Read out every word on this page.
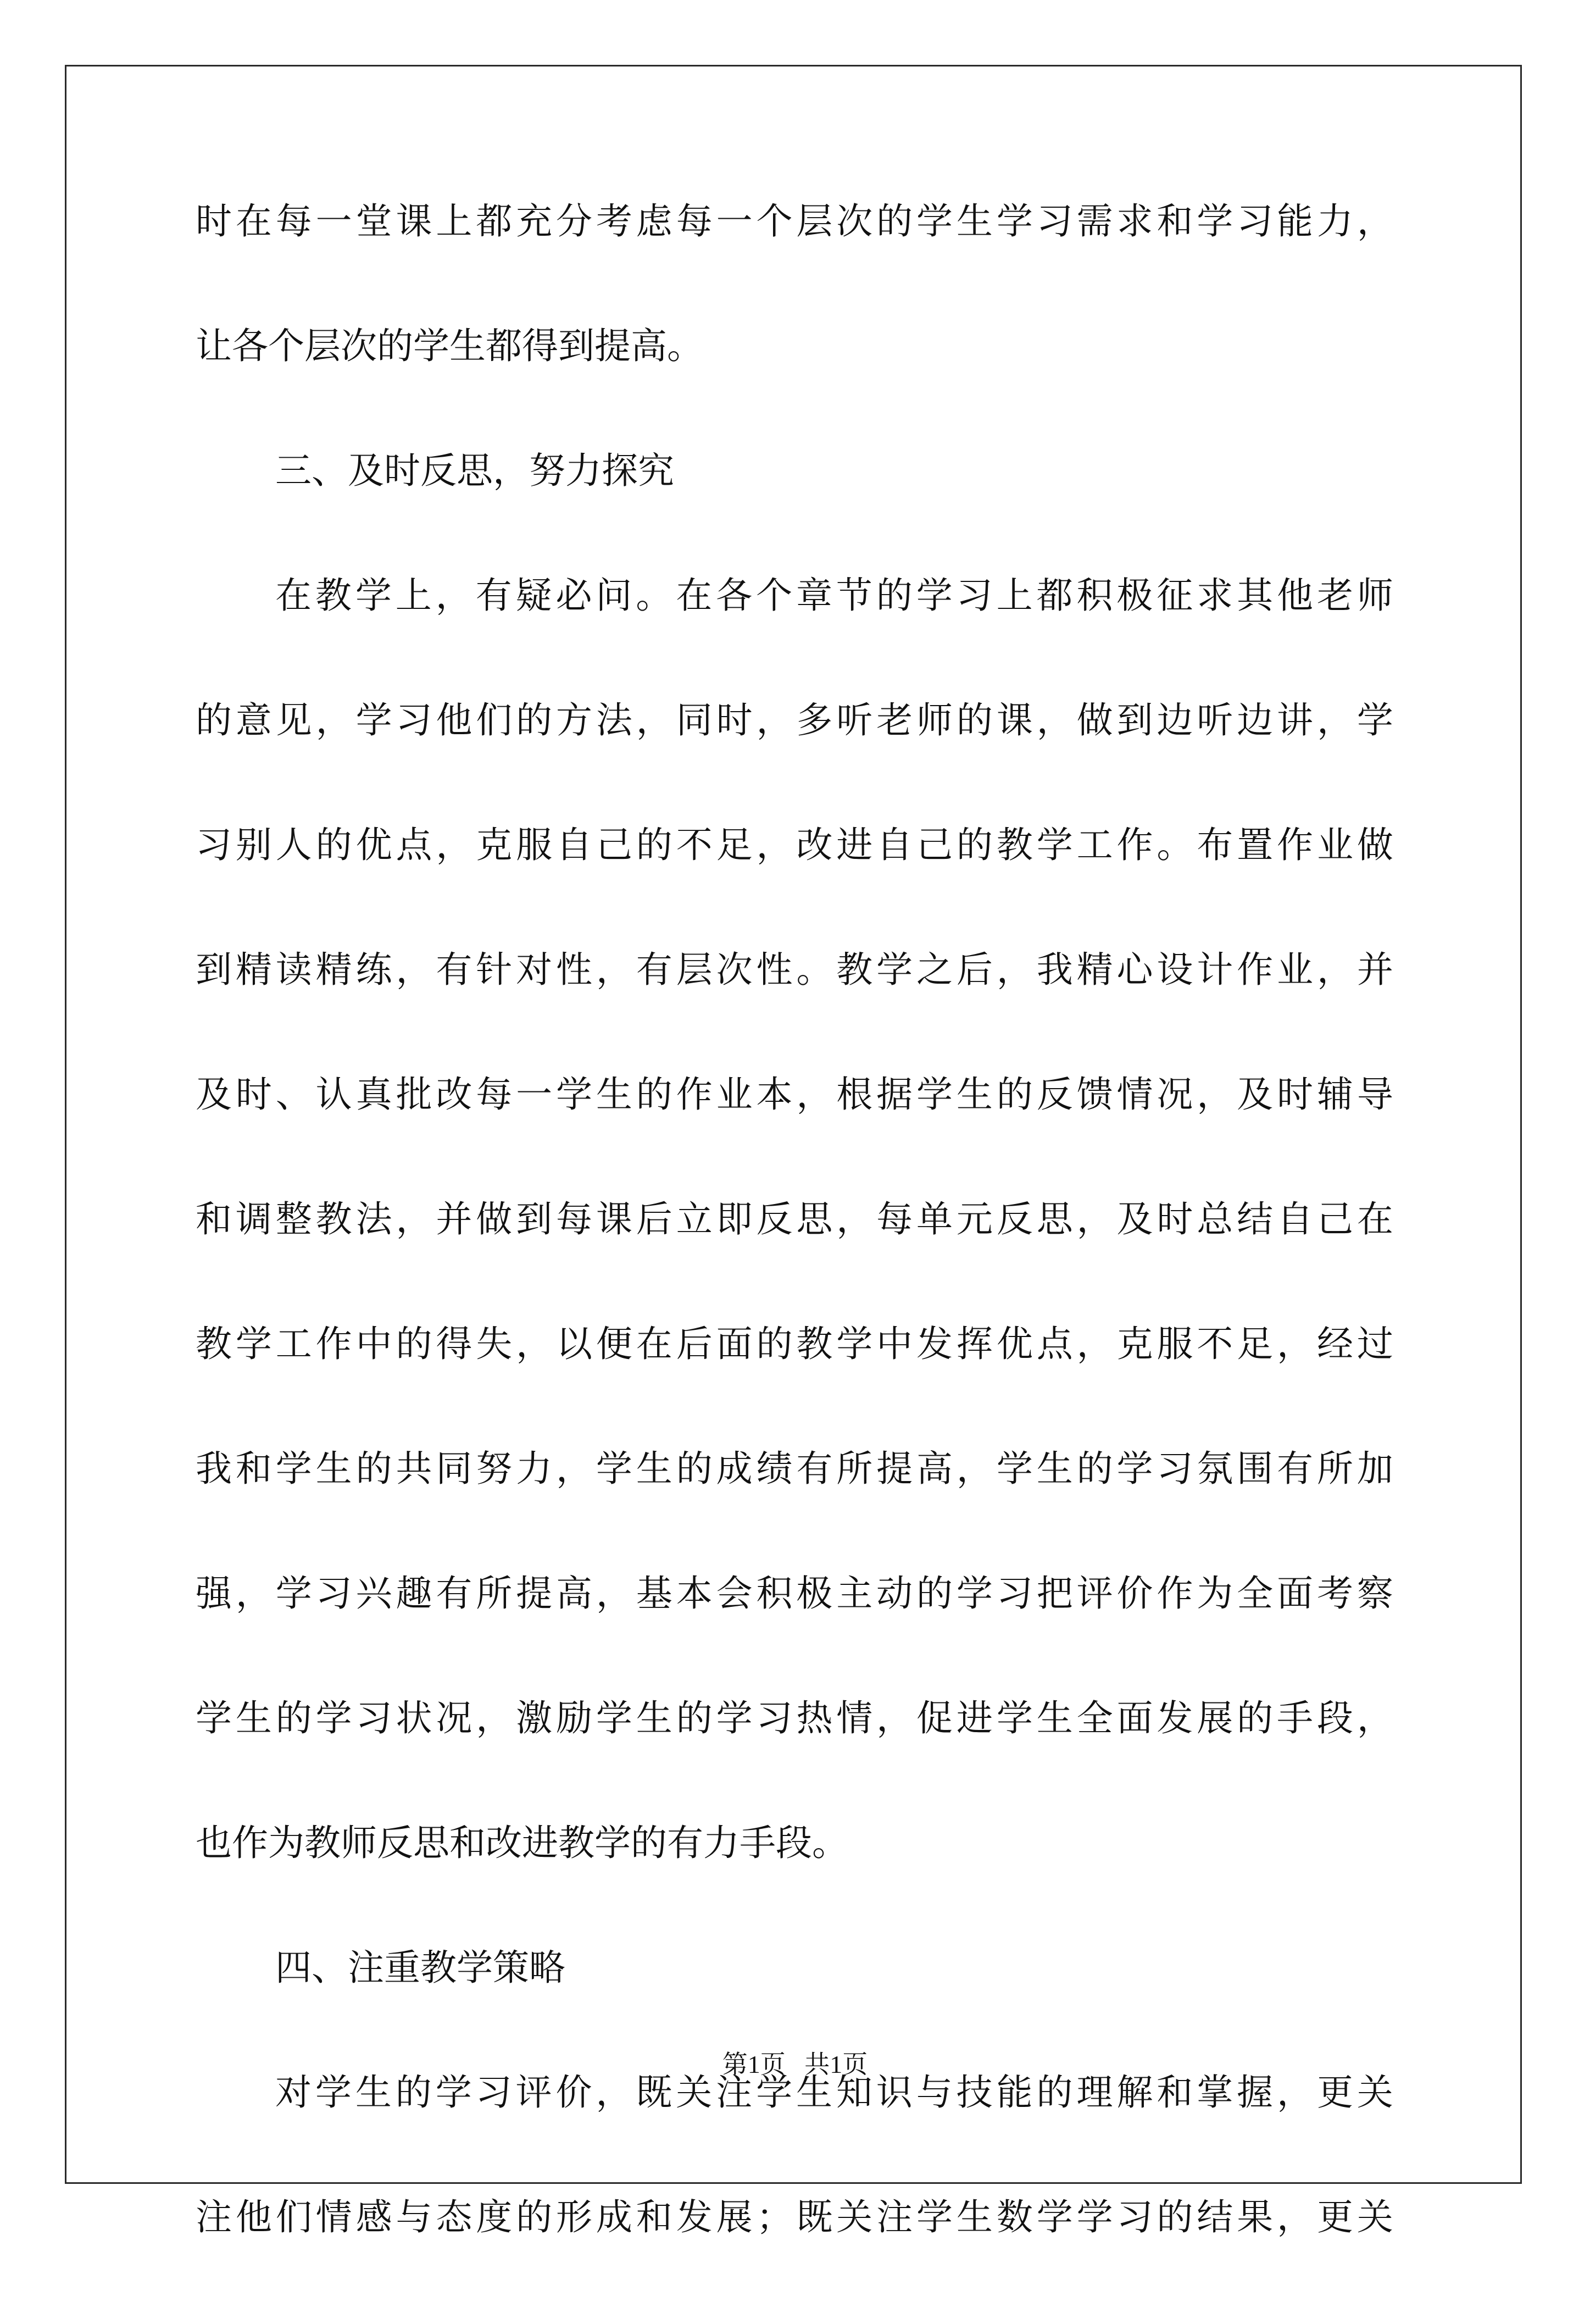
时 在 每 一 堂 课 上 都 充 分 考 虑 每 一 个 层 次 的 学 生 学 习 需 求 和 学 习 能 力 ，
让各个层次的学生都得到提高。
三、及时反思，努力探究
在 教 学 上 ， 有 疑 必 问 。 在 各 个 章 节 的 学 习 上 都 积 极 征 求 其 他 老 师
的 意 见 ， 学 习 他 们 的 方 法 ， 同 时 ， 多 听 老 师 的 课 ， 做 到 边 听 边 讲 ， 学
习 别 人 的 优 点 ， 克 服 自 己 的 不 足 ， 改 进 自 己 的 教 学 工 作 。 布 置 作 业 做
到 精 读 精 练 ， 有 针 对 性 ， 有 层 次 性 。 教 学 之 后 ， 我 精 心 设 计 作 业 ， 并
及 时 、 认 真 批 改 每 一 学 生 的 作 业 本 ， 根 据 学 生 的 反 馈 情 况 ， 及 时 辅 导
和 调 整 教 法 ， 并 做 到 每 课 后 立 即 反 思 ， 每 单 元 反 思 ， 及 时 总 结 自 己 在
教 学 工 作 中 的 得 失 ， 以 便 在 后 面 的 教 学 中 发 挥 优 点 ， 克 服 不 足 ， 经 过
我 和 学 生 的 共 同 努 力 ， 学 生 的 成 绩 有 所 提 高 ， 学 生 的 学 习 氛 围 有 所 加
强 ， 学 习 兴 趣 有 所 提 高 ， 基 本 会 积 极 主 动 的 学 习 把 评 价 作 为 全 面 考 察
学 生 的 学 习 状 况 ， 激 励 学 生 的 学 习 热 情 ， 促 进 学 生 全 面 发 展 的 手 段 ，
也作为教师反思和改进教学的有力手段。
四、注重教学策略
对 学 生 的 学 习 评 价 ， 既 关 注 学 生 知 识 与 技 能 的 理 解 和 掌 握 ， 更 关
注 他 们 情 感 与 态 度 的 形 成 和 发 展 ； 既 关 注 学 生 数 学 学 习 的 结 果 ， 更 关
第1页   共1页
